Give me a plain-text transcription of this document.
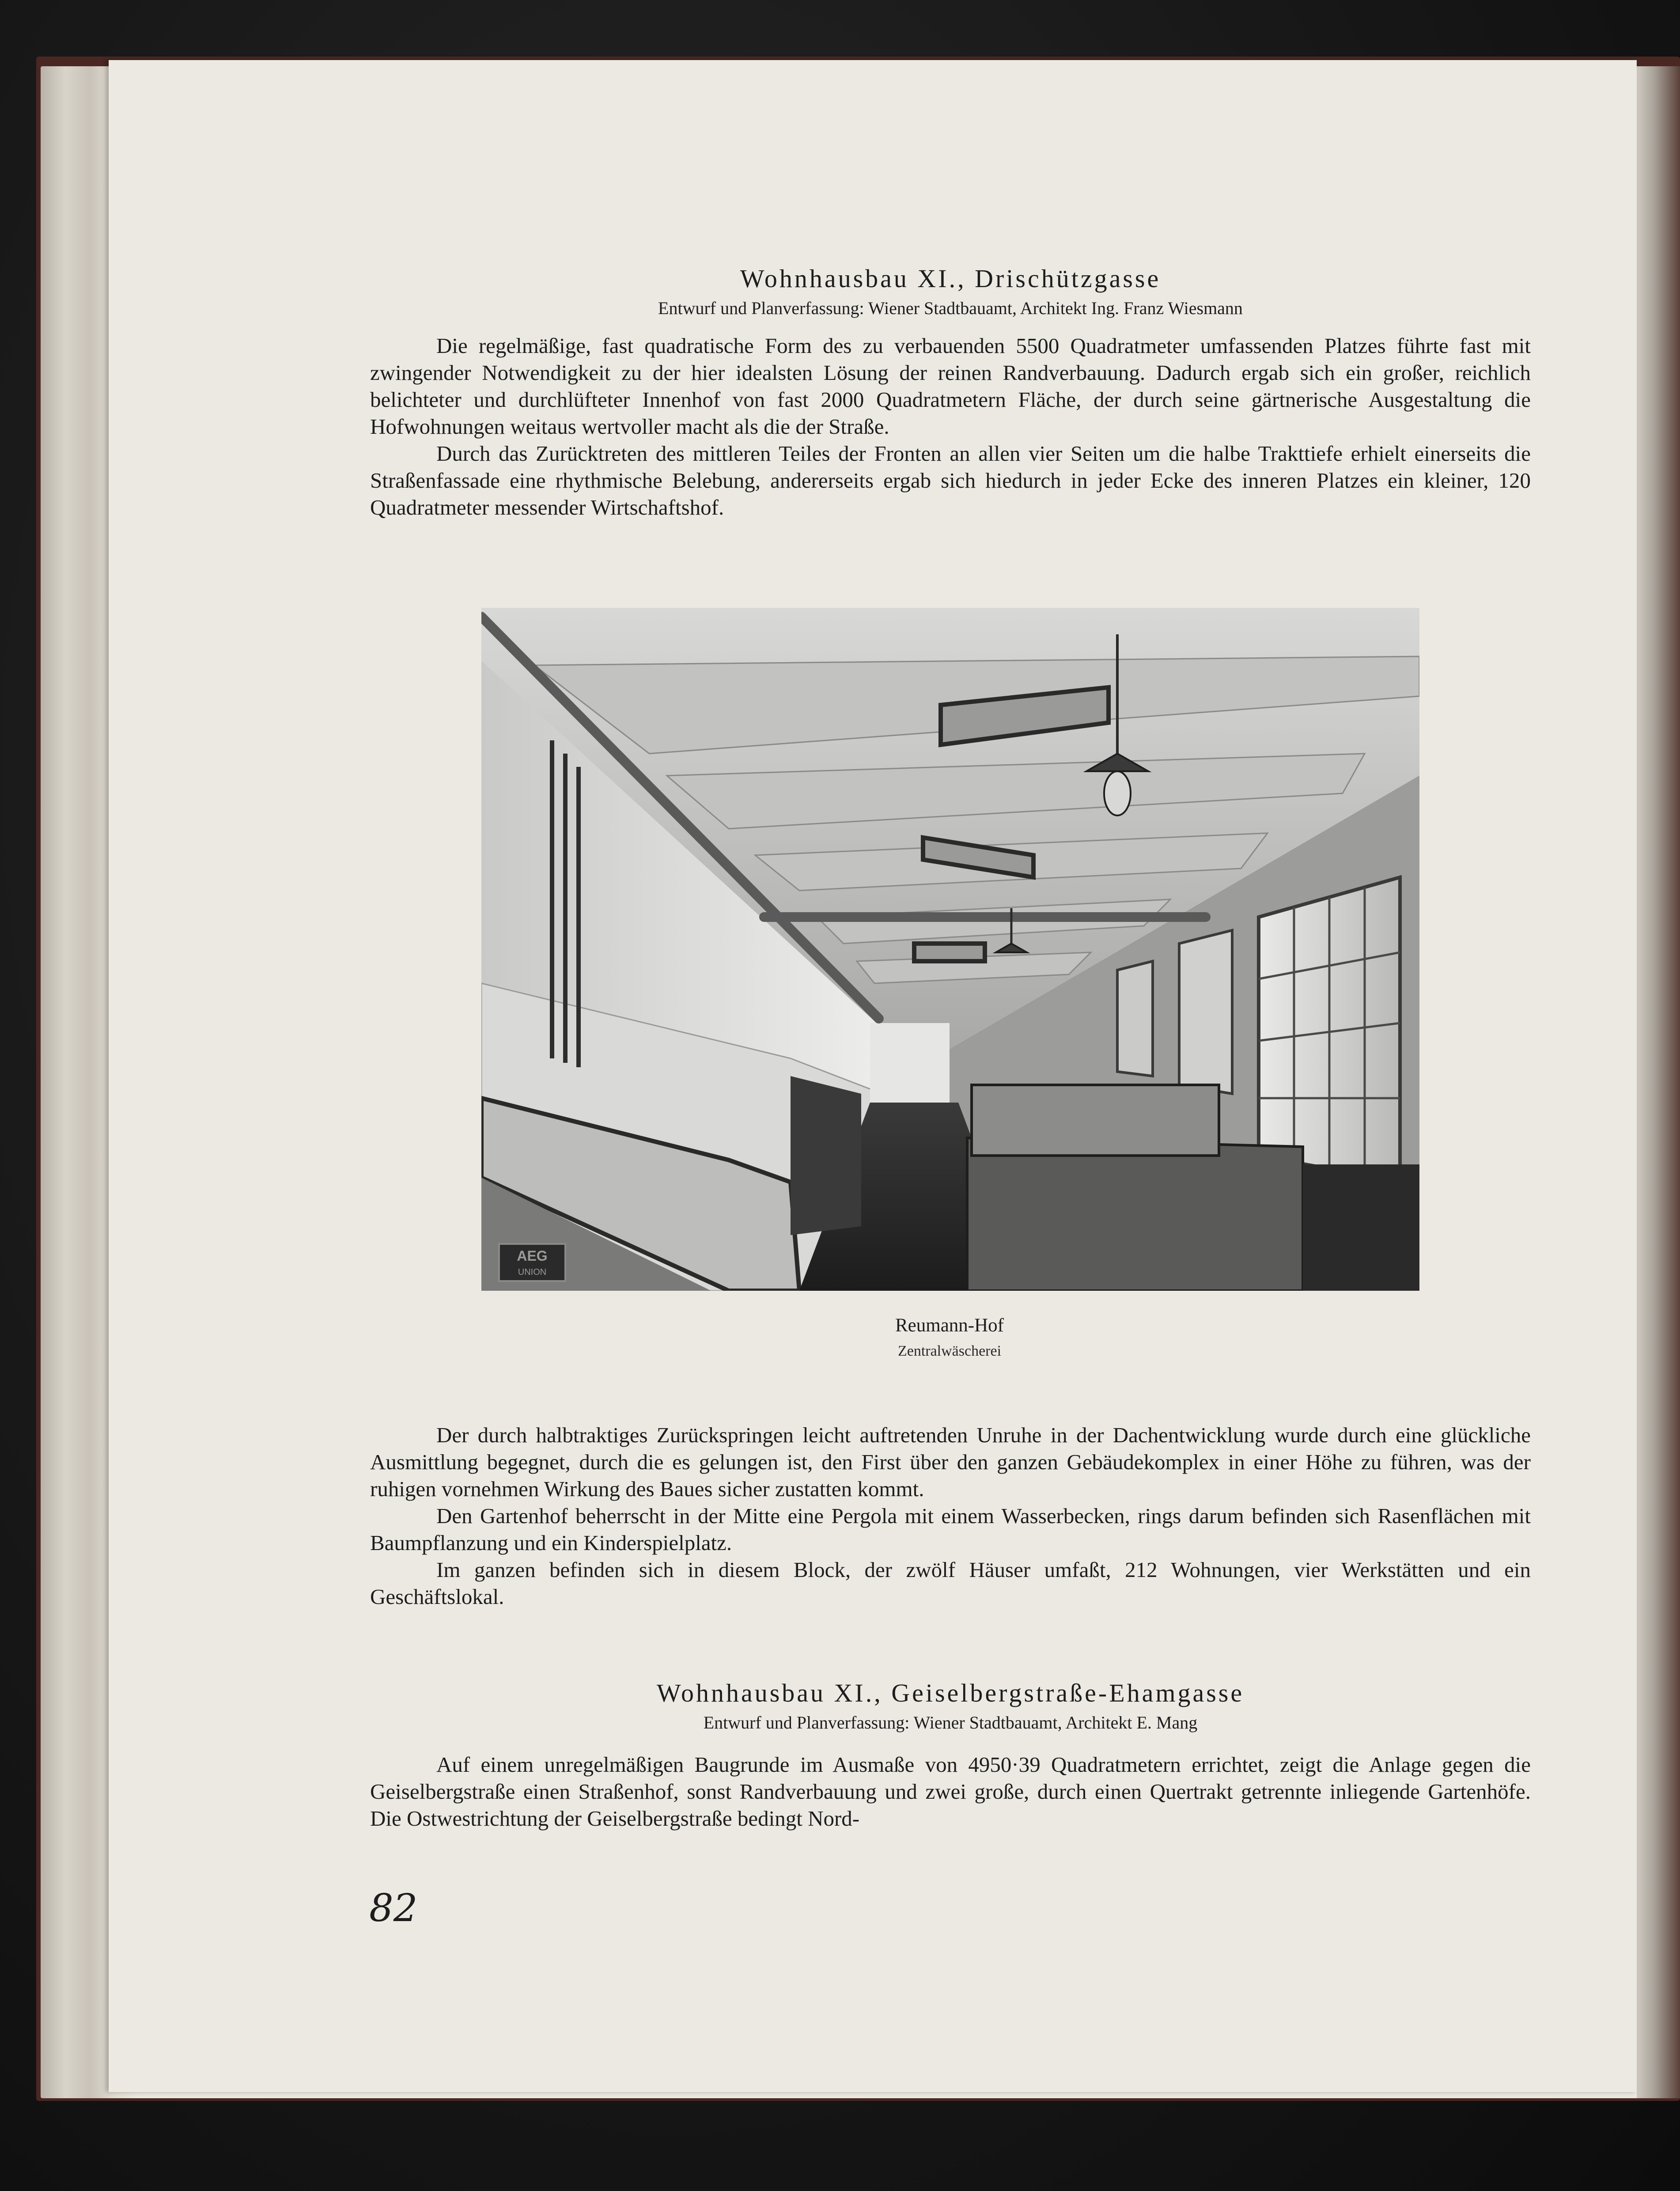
Wohnhausbau XI., Drischützgasse
Entwurf und Planverfassung: Wiener Stadtbauamt, Architekt Ing. Franz Wiesmann

Die regelmäßige, fast quadratische Form des zu verbauenden 5500 Quadratmeter umfassenden Platzes führte fast mit zwingender Notwendigkeit zu der hier idealsten Lösung der reinen Randverbauung. Dadurch ergab sich ein großer, reichlich belichteter und durchlüfteter Innenhof von fast 2000 Quadratmetern Fläche, der durch seine gärtnerische Ausgestaltung die Hofwohnungen weitaus wertvoller macht als die der Straße.

Durch das Zurücktreten des mittleren Teiles der Fronten an allen vier Seiten um die halbe Trakttiefe erhielt einerseits die Straßenfassade eine rhythmische Belebung, andererseits ergab sich hiedurch in jeder Ecke des inneren Platzes ein kleiner, 120 Quadratmeter messender Wirtschaftshof.

AEG
UNION
Reumann-Hof
Zentralwäscherei

Der durch halbtraktiges Zurückspringen leicht auftretenden Unruhe in der Dachentwicklung wurde durch eine glückliche Ausmittlung begegnet, durch die es gelungen ist, den First über den ganzen Gebäudekomplex in einer Höhe zu führen, was der ruhigen vornehmen Wirkung des Baues sicher zustatten kommt.

Den Gartenhof beherrscht in der Mitte eine Pergola mit einem Wasserbecken, rings darum befinden sich Rasenflächen mit Baumpflanzung und ein Kinderspielplatz.

Im ganzen befinden sich in diesem Block, der zwölf Häuser umfaßt, 212 Wohnungen, vier Werkstätten und ein Geschäftslokal.

Wohnhausbau XI., Geiselbergstraße-Ehamgasse
Entwurf und Planverfassung: Wiener Stadtbauamt, Architekt E. Mang

Auf einem unregelmäßigen Baugrunde im Ausmaße von 4950·39 Quadratmetern errichtet, zeigt die Anlage gegen die Geiselbergstraße einen Straßenhof, sonst Randverbauung und zwei große, durch einen Quertrakt getrennte inliegende Gartenhöfe. Die Ostwestrichtung der Geiselbergstraße bedingt Nord-

82
